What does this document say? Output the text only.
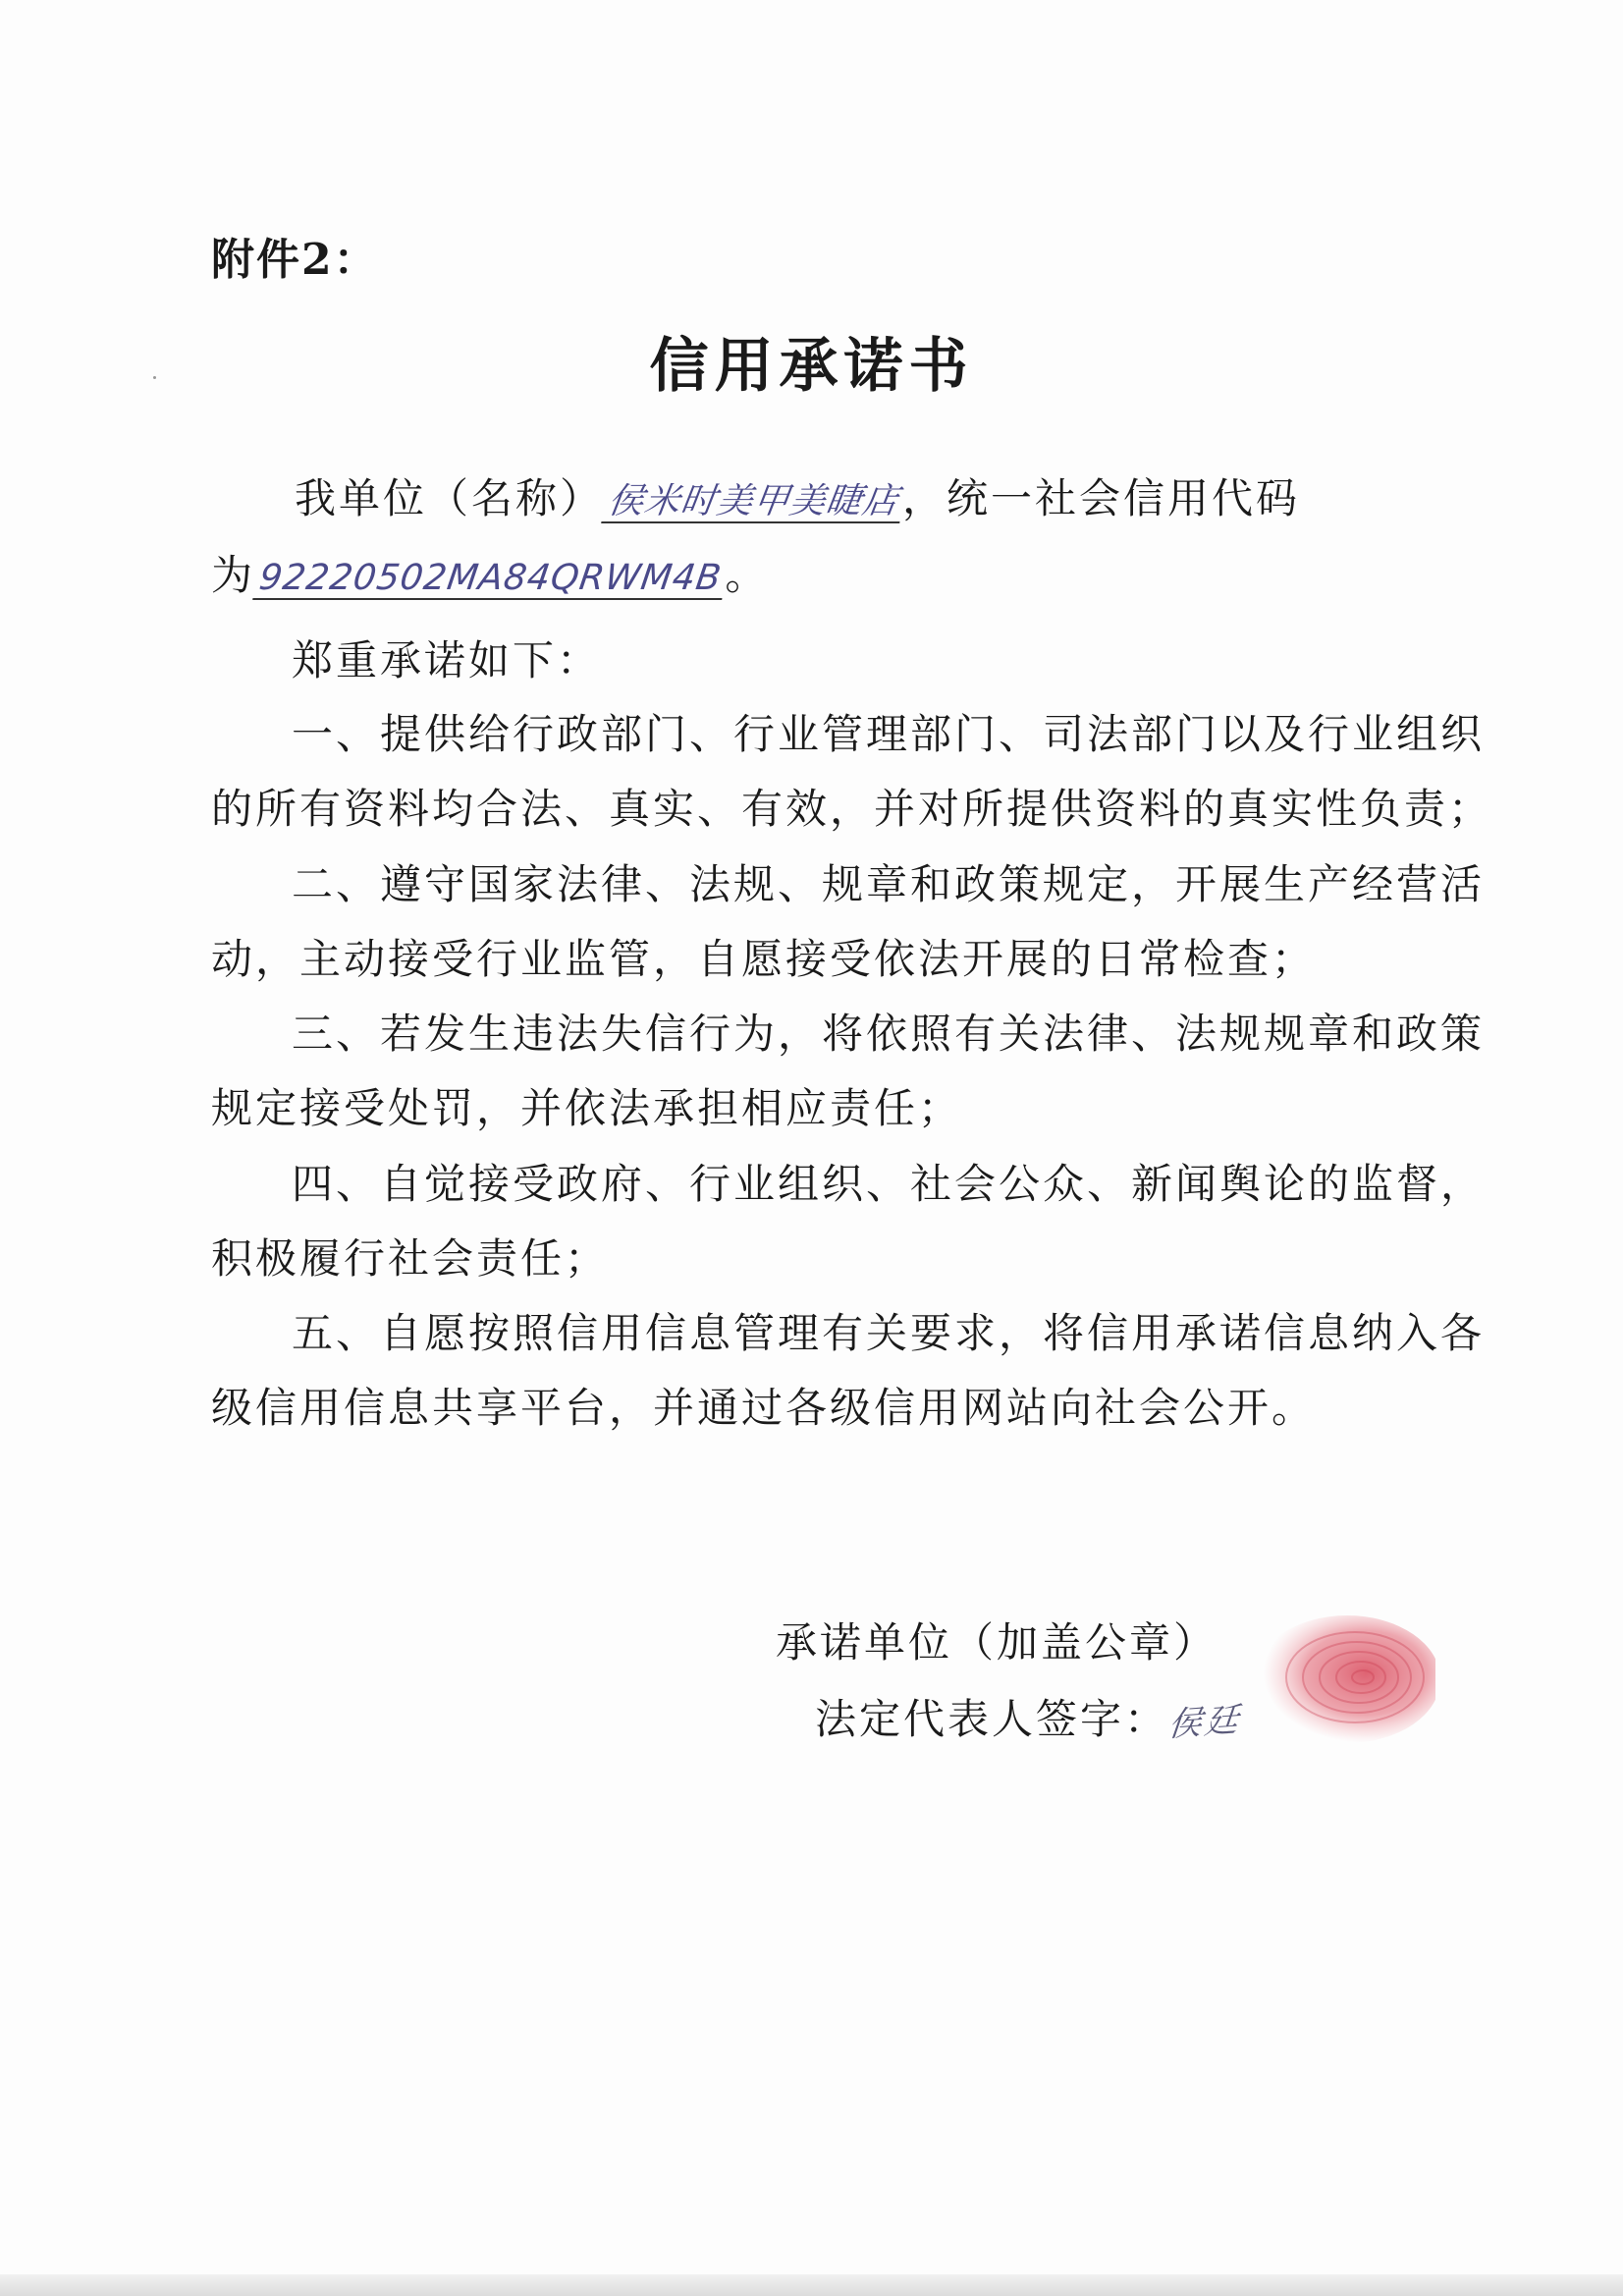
附件2：
信用承诺书
我单位（名称）侯米时美甲美睫店，统一社会信用代码
为92220502MA84QRWM4B。
郑重承诺如下：
一、提供给行政部门、行业管理部门、司法部门以及行业组织
的所有资料均合法、真实、有效，并对所提供资料的真实性负责；
二、遵守国家法律、法规、规章和政策规定，开展生产经营活
动，主动接受行业监管，自愿接受依法开展的日常检查；
三、若发生违法失信行为，将依照有关法律、法规规章和政策
规定接受处罚，并依法承担相应责任；
四、自觉接受政府、行业组织、社会公众、新闻舆论的监督，
积极履行社会责任；
五、自愿按照信用信息管理有关要求，将信用承诺信息纳入各
级信用信息共享平台，并通过各级信用网站向社会公开。
承诺单位（加盖公章）
法定代表人签字：侯廷
